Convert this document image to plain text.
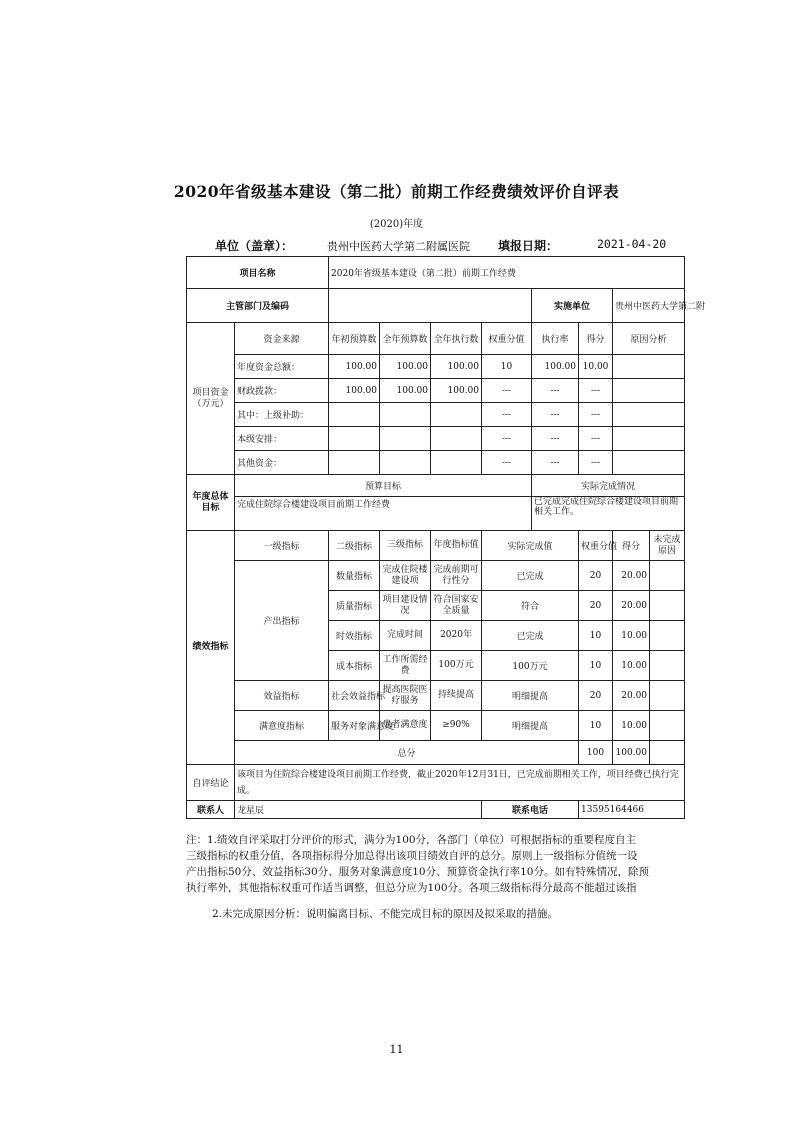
2020年省级基本建设（第二批）前期工作经费绩效评价自评表
(2020)年度
单位（盖章）：	贵州中医药大学第二附属医院 填报日期：	2021-04-20
项目名称		2020年省级基本建设（第二批）前期工作经费							
主管部门及编码						实施单位		贵州中医药大学第二附	
项目资金（万元）	资金来源	年初预算数	全年预算数	全年执行数	权重分值	执行率	得分	原因分析	
	年度资金总额：	100.00	100.00	100.00	10	100.00	10.00		
	财政拨款：	100.00	100.00	100.00	---	---	---		
	其中：上级补助：				---	---	---		
	本级安排：				---	---	---		
	其他资金：				---	---	---		
年度总体目标	预算目标					实际完成情况			
	完成住院综合楼建设项目前期工作经费					已完成完成住院综合楼建设项目前期相关工作。			
绩效指标	一级指标	二级指标	三级指标	年度指标值	实际完成值		权重分值	得分	未完成原因
	产出指标	数量指标	完成住院楼建设项	完成前期可行性分	已完成		20	20.00	
		质量指标	项目建设情况	符合国家安全质量	符合		20	20.00	
		时效指标	完成时间	2020年	已完成		10	10.00	
		成本指标	工作所需经费	100万元	100万元		10	10.00	
	效益指标	社会效益指标	提高医院医疗服务	持续提高	明细提高		20	20.00	
	满意度指标	服务对象满意度	患者满意度	≥90%	明细提高		10	10.00	
	总分						100	100.00	
自评结论	该项目为住院综合楼建设项目前期工作经费，截止2020年12月31日，已完成前期相关工作，项目经费已执行完成。								
联系人	龙星辰				联系电话		13595164466		
注：1.绩效自评采取打分评价的形式，满分为100分，各部门（单位）可根据指标的重要程度自主
三级指标的权重分值，各项指标得分加总得出该项目绩效自评的总分。原则上一级指标分值统一设
产出指标50分、效益指标30分、服务对象满意度10分、预算资金执行率10分。如有特殊情况，除预
执行率外，其他指标权重可作适当调整，但总分应为100分。各项三级指标得分最高不能超过该指
2.未完成原因分析：说明偏离目标、不能完成目标的原因及拟采取的措施。
11
